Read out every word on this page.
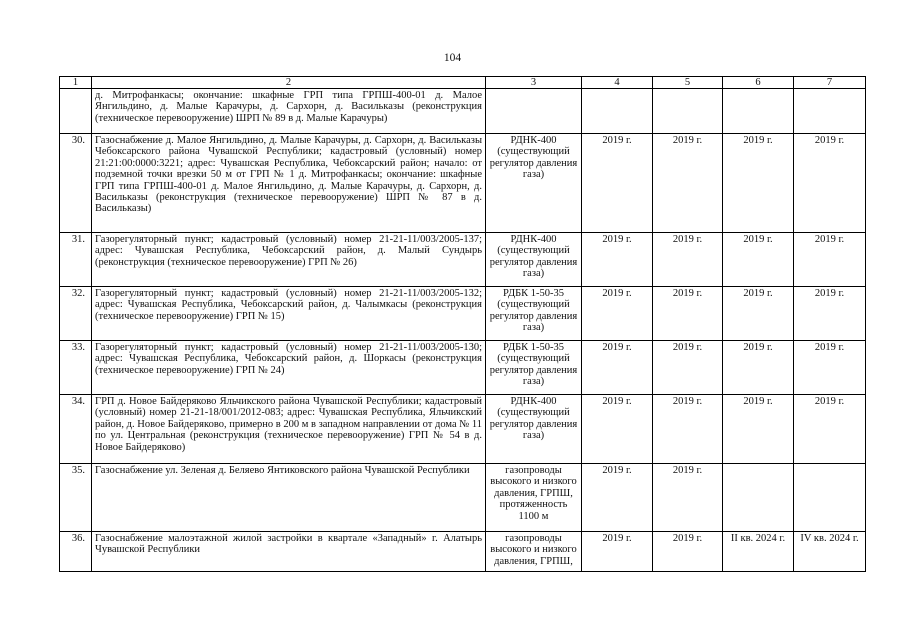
104
1	2	3	4	5	6	7
	д. Митрофанкасы; окончание: шкафные ГРП типа ГРПШ-400-01 д. Малое Янгильдино, д. Малые Карачуры, д. Сархорн, д. Васильказы (реконструкция (техническое перевооружение) ШРП № 89 в д. Малые Карачуры)					
30.	Газоснабжение д. Малое Янгильдино, д. Малые Карачуры, д. Сархорн, д. Васильказы Чебоксарского района Чувашской Республики; кадастровый (условный) номер 21:21:00:0000:3221; адрес: Чувашская Республика, Чебоксарский район; начало: от подземной точки врезки 50 м от ГРП № 1 д. Митрофанкасы; окончание: шкафные ГРП типа ГРПШ-400-01 д. Малое Янгильдино, д. Малые Карачуры, д. Сархорн, д. Васильказы (реконструкция (техническое перевооружение) ШРП № 87 в д. Васильказы)	РДНК-400 (существующий регулятор давления газа)	2019 г.	2019 г.	2019 г.	2019 г.
31.	Газорегуляторный пункт; кадастровый (условный) номер 21-21-11/003/2005-137; адрес: Чувашская Республика, Чебоксарский район, д. Малый Сундырь (реконструкция (техническое перевооружение) ГРП № 26)	РДНК-400 (существующий регулятор давления газа)	2019 г.	2019 г.	2019 г.	2019 г.
32.	Газорегуляторный пункт; кадастровый (условный) номер 21-21-11/003/2005-132; адрес: Чувашская Республика, Чебоксарский район, д. Чалымкасы (реконструкция (техническое перевооружение) ГРП № 15)	РДБК 1-50-35 (существующий регулятор давления газа)	2019 г.	2019 г.	2019 г.	2019 г.
33.	Газорегуляторный пункт; кадастровый (условный) номер 21-21-11/003/2005-130; адрес: Чувашская Республика, Чебоксарский район, д. Шоркасы (реконструкция (техническое перевооружение) ГРП № 24)	РДБК 1-50-35 (существующий регулятор давления газа)	2019 г.	2019 г.	2019 г.	2019 г.
34.	ГРП д. Новое Байдеряково Яльчикского района Чувашской Республики; кадастровый (условный) номер 21-21-18/001/2012-083; адрес: Чувашская Республика, Яльчикский район, д. Новое Байдеряково, примерно в 200 м в западном направлении от дома № 11 по ул. Центральная (реконструкция (техническое перевооружение) ГРП № 54 в д. Новое Байдеряково)	РДНК-400 (существующий регулятор давления газа)	2019 г.	2019 г.	2019 г.	2019 г.
35.	Газоснабжение ул. Зеленая д. Беляево Янтиковского района Чувашской Республики	газопроводы высокого и низкого давления, ГРПШ, протяженность 1100 м	2019 г.	2019 г.		
36.	Газоснабжение малоэтажной жилой застройки в квартале «Западный» г. Алатырь Чувашской Республики	газопроводы высокого и низкого давления, ГРПШ,	2019 г.	2019 г.	II кв. 2024 г.	IV кв. 2024 г.
